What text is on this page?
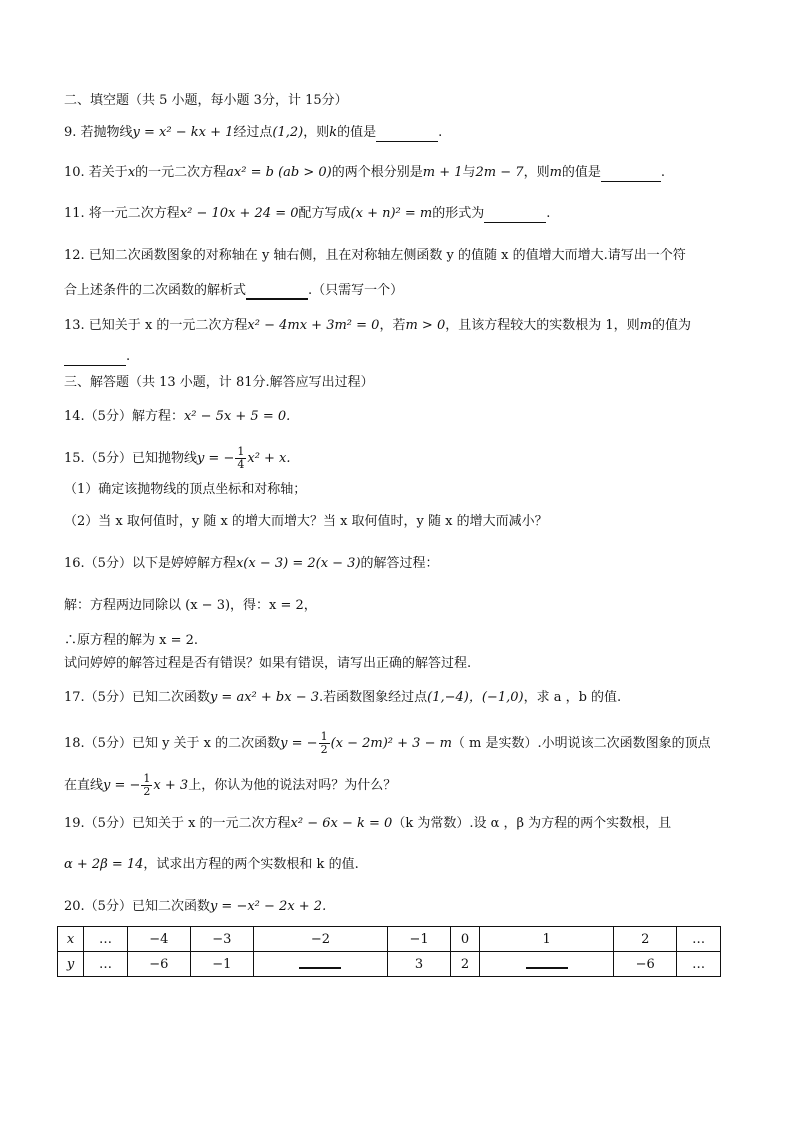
二、填空题（共 5 小题，每小题 3分，计 15分）
9. 若抛物线y = x² − kx + 1经过点(1,2)，则k的值是	.
10. 若关于x的一元二次方程ax² = b (ab > 0)的两个根分别是m + 1与2m − 7，则m的值是	.
11. 将一元二次方程x² − 10x + 24 = 0配方写成(x + n)² = m的形式为	.
12. 已知二次函数图象的对称轴在 y 轴右侧，且在对称轴左侧函数 y 的值随 x 的值增大而增大.请写出一个符
合上述条件的二次函数的解析式	.（只需写一个）
13. 已知关于 x 的一元二次方程x² − 4mx + 3m² = 0，若m > 0，且该方程较大的实数根为 1，则m的值为
.
三、解答题（共 13 小题，计 81分.解答应写出过程）
14.（5分）解方程：x² − 5x + 5 = 0.
15.（5分）已知抛物线y = − $\frac{1}{4} x^2 + x$.
（1）确定该抛物线的顶点坐标和对称轴；
（2）当 x 取何值时，y 随 x 的增大而增大？当 x 取何值时，y 随 x 的增大而减小？
16.（5分）以下是婷婷解方程x(x − 3) = 2(x − 3)的解答过程：
解：方程两边同除以 (x − 3)，得：x = 2，
∴原方程的解为 x = 2.
试问婷婷的解答过程是否有错误？如果有错误，请写出正确的解答过程.
17.（5分）已知二次函数y = ax² + bx − 3.若函数图象经过点(1,−4)，(−1,0)，求 a ，b 的值.
18.（5分）已知 y 关于 x 的二次函数y = − $\frac{1}{2} (x - 2m)^2 + 3 - m$（ m 是实数）.小明说该二次函数图象的顶点
在直线y = − $\frac{1}{2}$ x + 3上，你认为他的说法对吗？为什么？
19.（5分）已知关于 x 的一元二次方程x² − 6x − k = 0（k 为常数）.设 α ，β 为方程的两个实数根，且
α + 2β = 14，试求出方程的两个实数根和 k 的值.
20.（5分）已知二次函数y = −x² − 2x + 2.
x	…	−4	−3	−2	−1	0	1	2	…
y	…	−6	−1		3	2		−6	…
